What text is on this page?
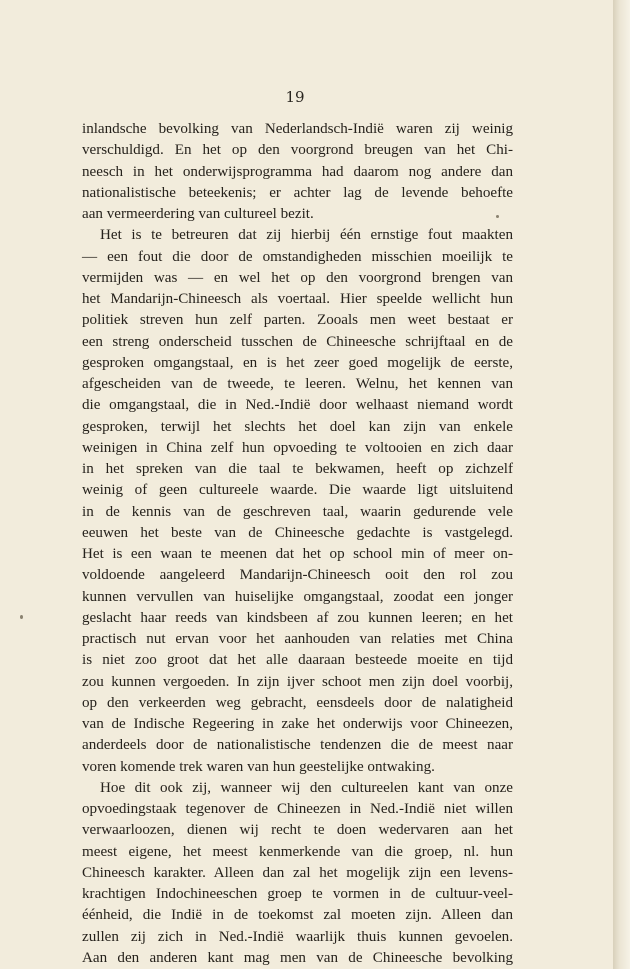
19
inlandsche bevolking van Nederlandsch-Indië waren zij weinig
verschuldigd. En het op den voorgrond breugen van het Chi-
neesch in het onderwijsprogramma had daarom nog andere dan
nationalistische beteekenis; er achter lag de levende behoefte
aan vermeerdering van cultureel bezit.
Het is te betreuren dat zij hierbij één ernstige fout maakten
— een fout die door de omstandigheden misschien moeilijk te
vermijden was — en wel het op den voorgrond brengen van
het Mandarijn-Chineesch als voertaal. Hier speelde wellicht hun
politiek streven hun zelf parten. Zooals men weet bestaat er
een streng onderscheid tusschen de Chineesche schrijftaal en de
gesproken omgangstaal, en is het zeer goed mogelijk de eerste,
afgescheiden van de tweede, te leeren. Welnu, het kennen van
die omgangstaal, die in Ned.-Indië door welhaast niemand wordt
gesproken, terwijl het slechts het doel kan zijn van enkele
weinigen in China zelf hun opvoeding te voltooien en zich daar
in het spreken van die taal te bekwamen, heeft op zichzelf
weinig of geen cultureele waarde. Die waarde ligt uitsluitend
in de kennis van de geschreven taal, waarin gedurende vele
eeuwen het beste van de Chineesche gedachte is vastgelegd.
Het is een waan te meenen dat het op school min of meer on-
voldoende aangeleerd Mandarijn-Chineesch ooit den rol zou
kunnen vervullen van huiselijke omgangstaal, zoodat een jonger
geslacht haar reeds van kindsbeen af zou kunnen leeren; en het
practisch nut ervan voor het aanhouden van relaties met China
is niet zoo groot dat het alle daaraan besteede moeite en tijd
zou kunnen vergoeden. In zijn ijver schoot men zijn doel voorbij,
op den verkeerden weg gebracht, eensdeels door de nalatigheid
van de Indische Regeering in zake het onderwijs voor Chineezen,
anderdeels door de nationalistische tendenzen die de meest naar
voren komende trek waren van hun geestelijke ontwaking.
Hoe dit ook zij, wanneer wij den cultureelen kant van onze
opvoedingstaak tegenover de Chineezen in Ned.-Indië niet willen
verwaarloozen, dienen wij recht te doen wedervaren aan het
meest eigene, het meest kenmerkende van die groep, nl. hun
Chineesch karakter. Alleen dan zal het mogelijk zijn een levens-
krachtigen Indochineeschen groep te vormen in de cultuur-veel-
éénheid, die Indië in de toekomst zal moeten zijn. Alleen dan
zullen zij zich in Ned.-Indië waarlijk thuis kunnen gevoelen.
Aan den anderen kant mag men van de Chineesche bevolking
